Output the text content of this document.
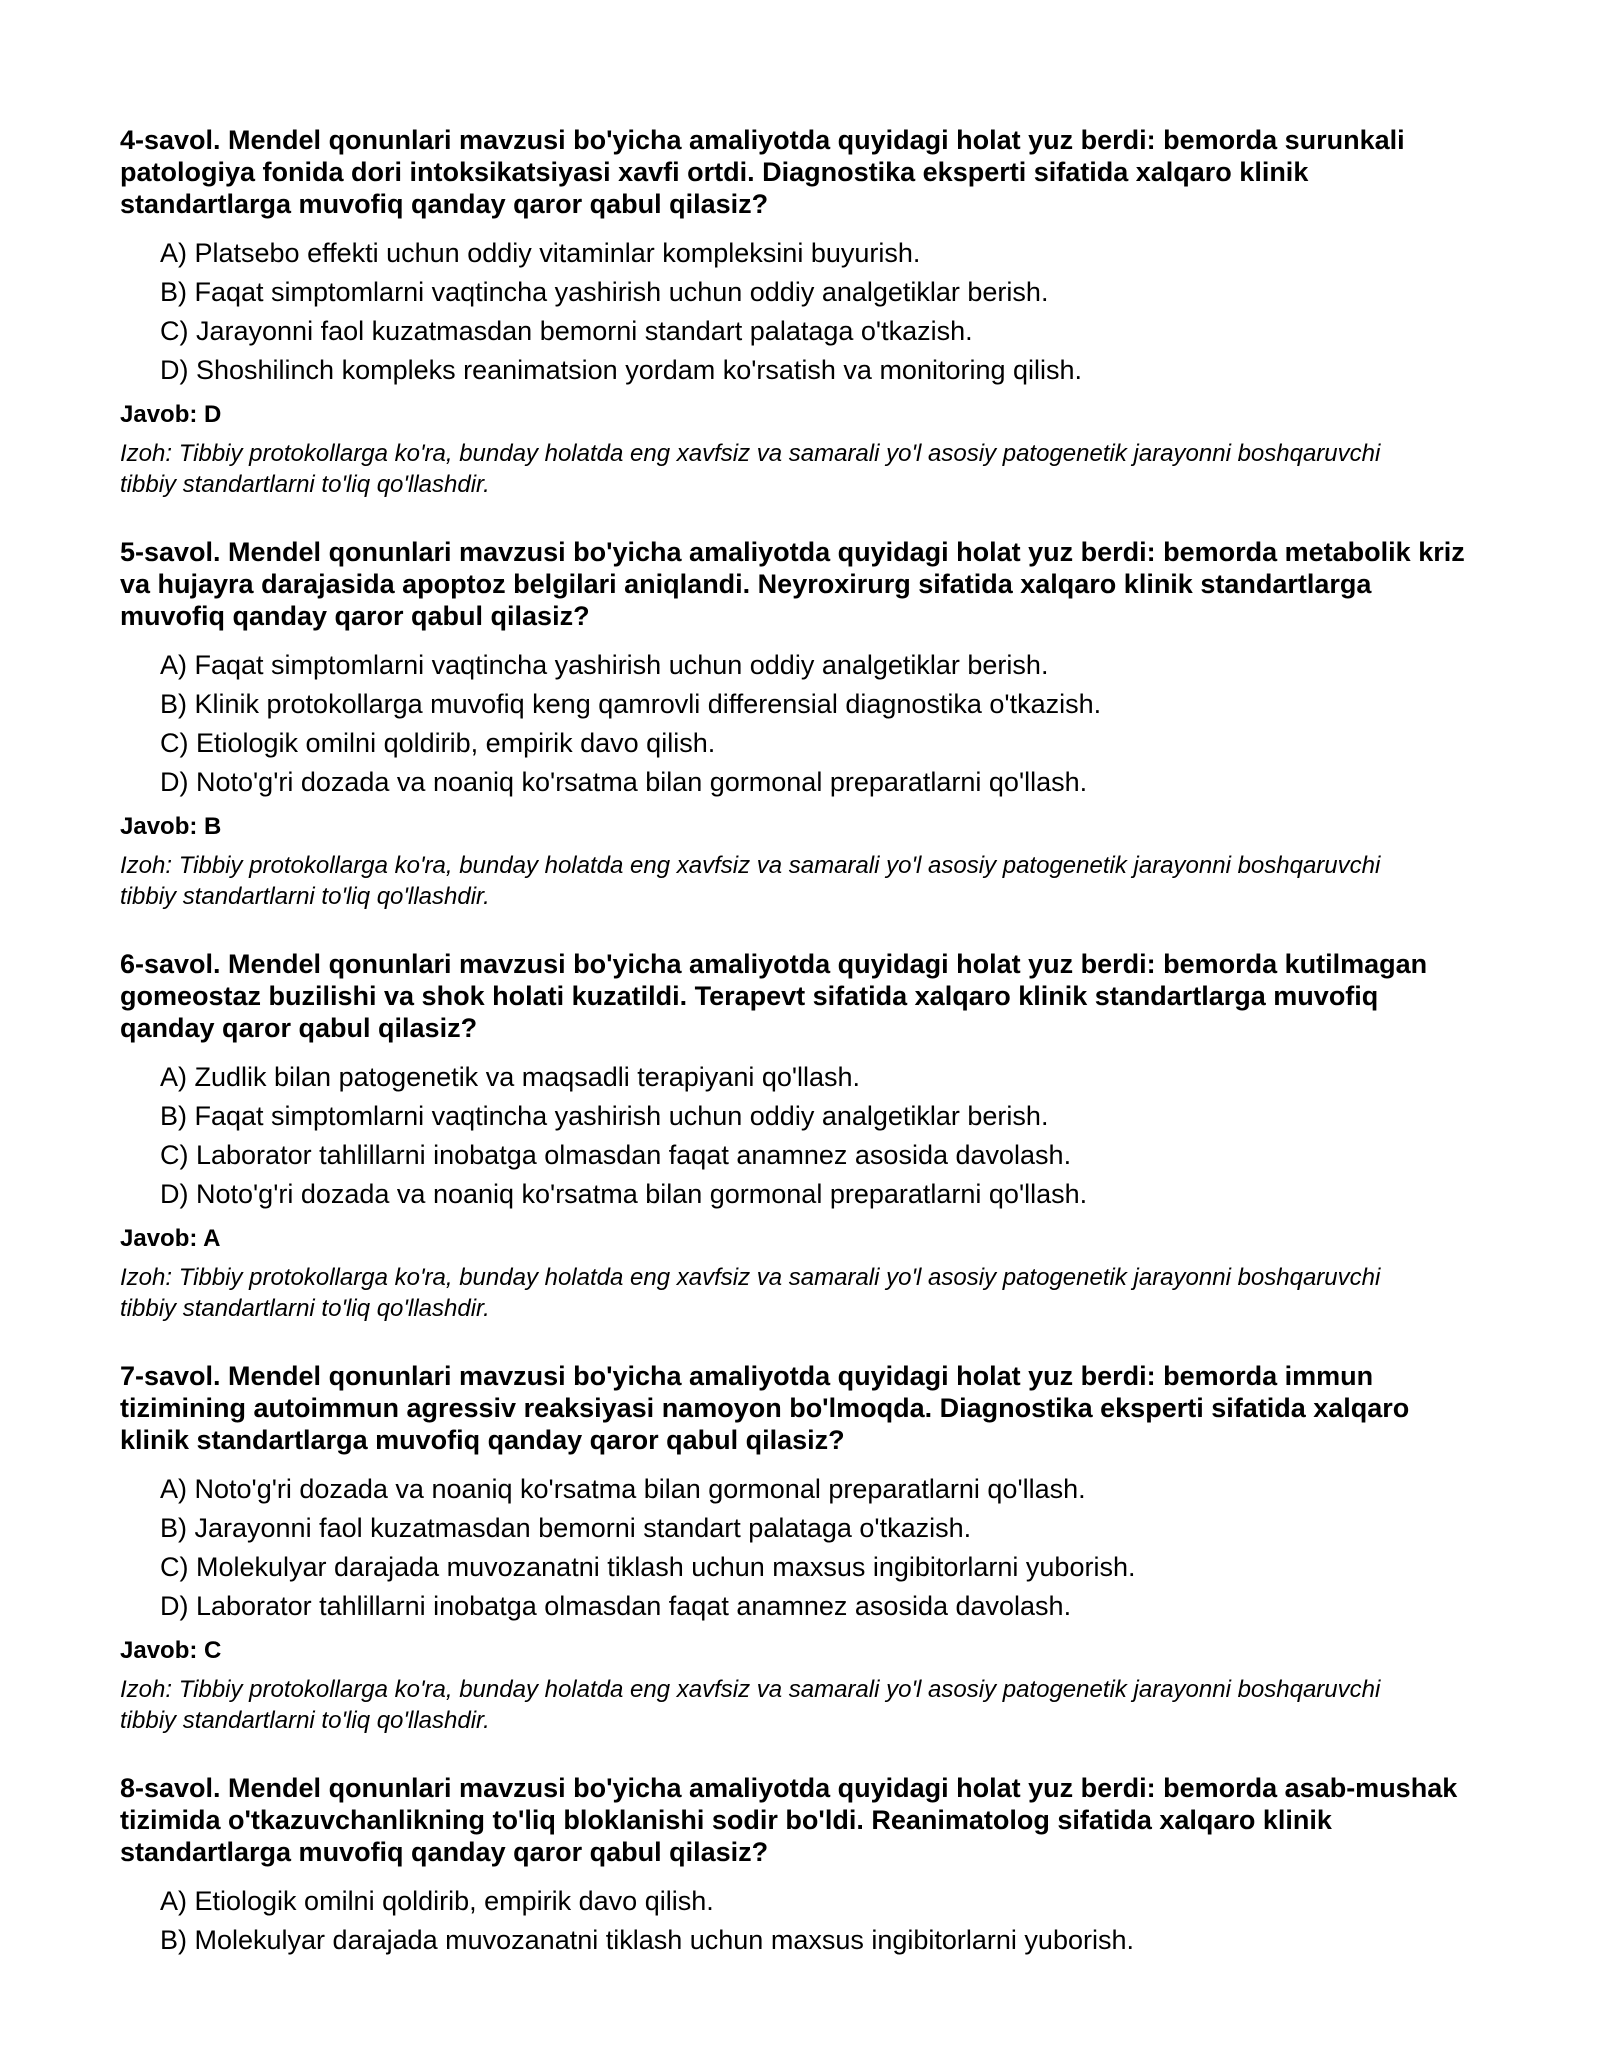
4-savol. Mendel qonunlari mavzusi bo'yicha amaliyotda quyidagi holat yuz berdi: bemorda surunkali patologiya fonida dori intoksikatsiyasi xavfi ortdi. Diagnostika eksperti sifatida xalqaro klinik standartlarga muvofiq qanday qaror qabul qilasiz?
A) Platsebo effekti uchun oddiy vitaminlar kompleksini buyurish.
B) Faqat simptomlarni vaqtincha yashirish uchun oddiy analgetiklar berish.
C) Jarayonni faol kuzatmasdan bemorni standart palataga o'tkazish.
D) Shoshilinch kompleks reanimatsion yordam ko'rsatish va monitoring qilish.
Javob: D
Izoh: Tibbiy protokollarga ko'ra, bunday holatda eng xavfsiz va samarali yo'l asosiy patogenetik jarayonni boshqaruvchi tibbiy standartlarni to'liq qo'llashdir.
5-savol. Mendel qonunlari mavzusi bo'yicha amaliyotda quyidagi holat yuz berdi: bemorda metabolik kriz va hujayra darajasida apoptoz belgilari aniqlandi. Neyroxirurg sifatida xalqaro klinik standartlarga muvofiq qanday qaror qabul qilasiz?
A) Faqat simptomlarni vaqtincha yashirish uchun oddiy analgetiklar berish.
B) Klinik protokollarga muvofiq keng qamrovli differensial diagnostika o'tkazish.
C) Etiologik omilni qoldirib, empirik davo qilish.
D) Noto'g'ri dozada va noaniq ko'rsatma bilan gormonal preparatlarni qo'llash.
Javob: B
Izoh: Tibbiy protokollarga ko'ra, bunday holatda eng xavfsiz va samarali yo'l asosiy patogenetik jarayonni boshqaruvchi tibbiy standartlarni to'liq qo'llashdir.
6-savol. Mendel qonunlari mavzusi bo'yicha amaliyotda quyidagi holat yuz berdi: bemorda kutilmagan gomeostaz buzilishi va shok holati kuzatildi. Terapevt sifatida xalqaro klinik standartlarga muvofiq qanday qaror qabul qilasiz?
A) Zudlik bilan patogenetik va maqsadli terapiyani qo'llash.
B) Faqat simptomlarni vaqtincha yashirish uchun oddiy analgetiklar berish.
C) Laborator tahlillarni inobatga olmasdan faqat anamnez asosida davolash.
D) Noto'g'ri dozada va noaniq ko'rsatma bilan gormonal preparatlarni qo'llash.
Javob: A
Izoh: Tibbiy protokollarga ko'ra, bunday holatda eng xavfsiz va samarali yo'l asosiy patogenetik jarayonni boshqaruvchi tibbiy standartlarni to'liq qo'llashdir.
7-savol. Mendel qonunlari mavzusi bo'yicha amaliyotda quyidagi holat yuz berdi: bemorda immun tizimining autoimmun agressiv reaksiyasi namoyon bo'lmoqda. Diagnostika eksperti sifatida xalqaro klinik standartlarga muvofiq qanday qaror qabul qilasiz?
A) Noto'g'ri dozada va noaniq ko'rsatma bilan gormonal preparatlarni qo'llash.
B) Jarayonni faol kuzatmasdan bemorni standart palataga o'tkazish.
C) Molekulyar darajada muvozanatni tiklash uchun maxsus ingibitorlarni yuborish.
D) Laborator tahlillarni inobatga olmasdan faqat anamnez asosida davolash.
Javob: C
Izoh: Tibbiy protokollarga ko'ra, bunday holatda eng xavfsiz va samarali yo'l asosiy patogenetik jarayonni boshqaruvchi tibbiy standartlarni to'liq qo'llashdir.
8-savol. Mendel qonunlari mavzusi bo'yicha amaliyotda quyidagi holat yuz berdi: bemorda asab-mushak tizimida o'tkazuvchanlikning to'liq bloklanishi sodir bo'ldi. Reanimatolog sifatida xalqaro klinik standartlarga muvofiq qanday qaror qabul qilasiz?
A) Etiologik omilni qoldirib, empirik davo qilish.
B) Molekulyar darajada muvozanatni tiklash uchun maxsus ingibitorlarni yuborish.
